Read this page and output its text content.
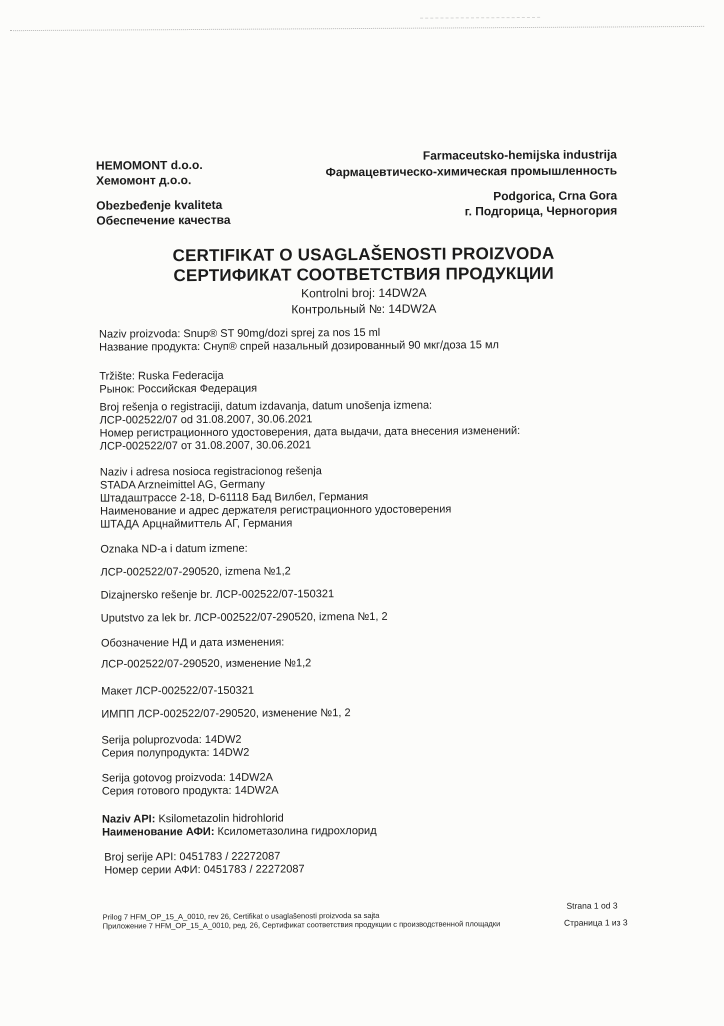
HEMOMONT d.o.o.
Хемомонт д.о.о.
Obezbeđenje kvaliteta
Обеспечение качества
Farmaceutsko-hemijska industrija
Фармацевтическо-химическая промышленность
Podgorica, Crna Gora
г. Подгорица, Черногория
CERTIFIKAT O USAGLAŠENOSTI PROIZVODA
СЕРТИФИКАТ СООТВЕТСТВИЯ ПРОДУКЦИИ
Kontrolni broj: 14DW2A
Контрольный №: 14DW2A
Naziv proizvoda: Snup® ST 90mg/dozi sprej za nos 15 ml
Название продукта: Снуп® спрей назальный дозированный 90 мкг/доза 15 мл
Tržište: Ruska Federacija
Рынок: Российская Федерация
Broj rešenja o registraciji, datum izdavanja, datum unošenja izmena:
ЛСР-002522/07 od 31.08.2007, 30.06.2021
Номер регистрационного удостоверения, дата выдачи, дата внесения изменений:
ЛСР-002522/07 от 31.08.2007, 30.06.2021
Naziv i adresa nosioca registracionog rešenja
STADA Arzneimittel AG, Germany
Штадаштрассе 2-18, D-61118 Бад Вилбел, Германия
Наименование и адрес держателя регистрационного удостоверения
ШТАДА Арцнаймиттель АГ, Германия
Oznaka ND-a i datum izmene:
ЛСР-002522/07-290520, izmena №1,2
Dizajnersko rešenje br. ЛСР-002522/07-150321
Uputstvo za lek br. ЛСР-002522/07-290520, izmena №1, 2
Обозначение НД и дата изменения:
ЛСР-002522/07-290520, изменение №1,2
Макет ЛСР-002522/07-150321
ИМПП ЛСР-002522/07-290520, изменение №1, 2
Serija poluprozvoda: 14DW2
Серия полупродукта: 14DW2
Serija gotovog proizvoda: 14DW2A
Серия готового продукта: 14DW2A
Naziv API: Ksilometazolin hidrohlorid
Наименование АФИ: Ксилометазолина гидрохлорид
Broj serije API: 0451783 / 22272087
Номер серии АФИ: 0451783 / 22272087
Prilog 7 HFM_OP_15_A_0010, rev 26, Certifikat o usaglašenosti proizvoda sa sajta
Приложение 7 HFM_OP_15_A_0010, ред. 26, Сертификат соответствия продукции с производственной площадки
Strana 1 od 3
Страница 1 из 3
